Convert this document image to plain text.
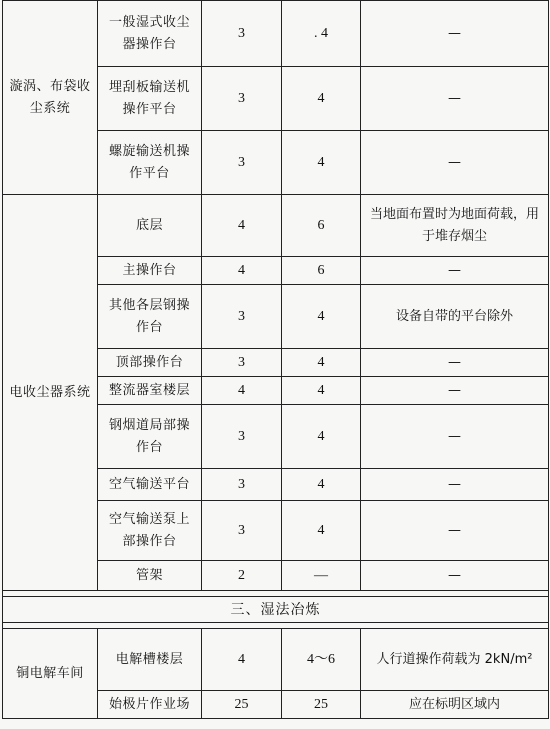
漩涡、布袋收尘系统	一般湿式收尘器操作台	3	. 4	—
	埋刮板输送机操作平台	3	4	—
	螺旋输送机操作平台	3	4	—
电收尘器系统	底层	4	6	当地面布置时为地面荷载，用于堆存烟尘
	主操作台	4	6	—
	其他各层钢操作台	3	4	设备自带的平台除外
	顶部操作台	3	4	—
	整流器室楼层	4	4	—
	钢烟道局部操作台	3	4	—
	空气输送平台	3	4	—
	空气输送泵上部操作台	3	4	—
	管架	2	—	—

三、湿法冶炼				

铜电解车间	电解槽楼层	4	4～6	人行道操作荷载为 2kN/m²
	始极片作业场	25	25	应在标明区域内
